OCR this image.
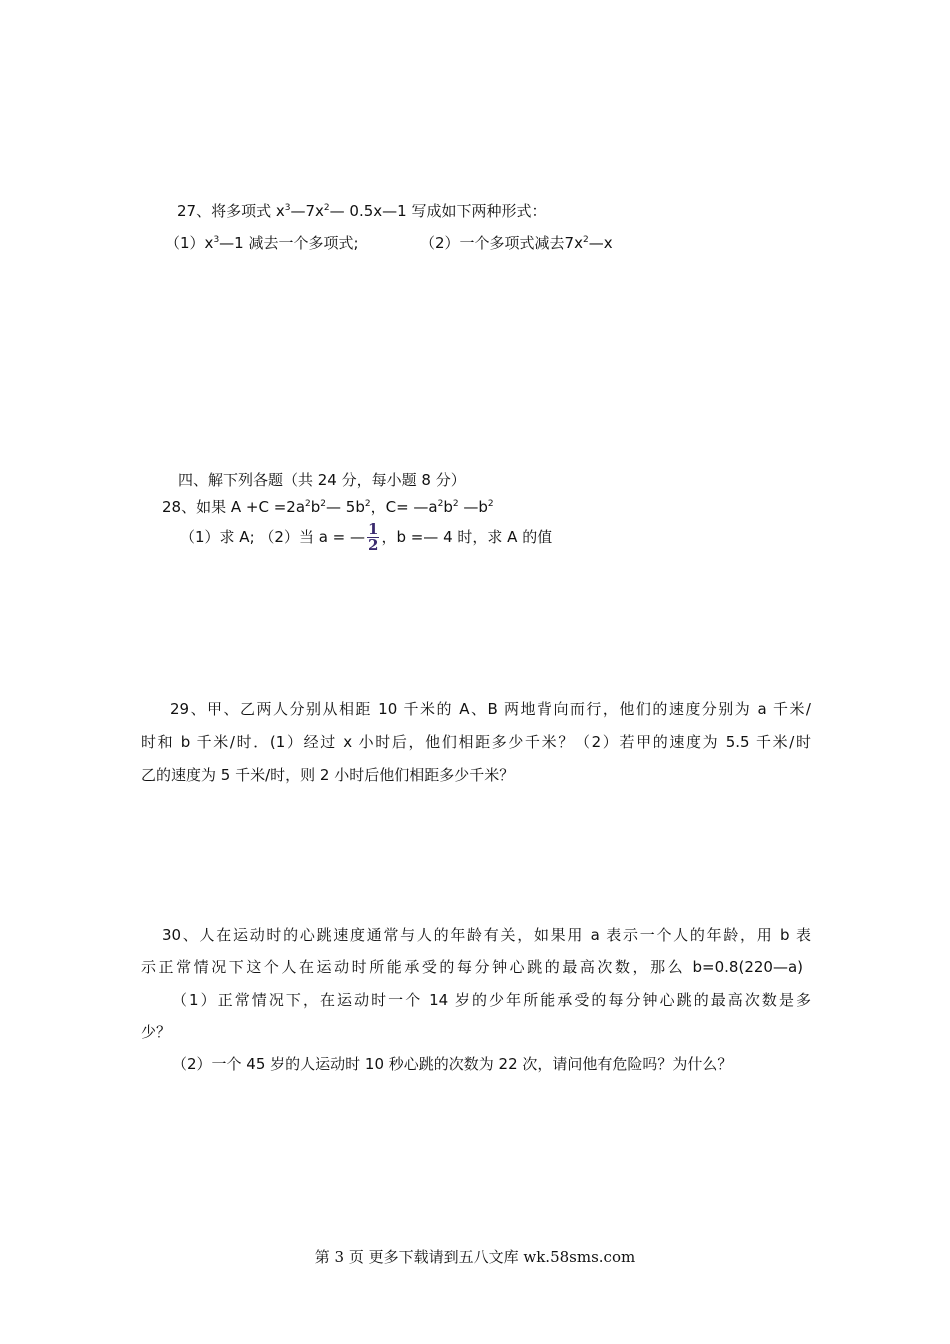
27、将多项式 $x^3—7x^2—$ 0.5x—1 写成如下两种形式：
$(1)x^3—1$ 减去一个多项式;	（2）一个多项式减去$7x^2—x$
四、解下列各题（共 24 分，每小题 8 分）
28、如果 $A +C =2a^2b^2—$ $5b^2$，$C= —a^2b^2$ $—b^2$
（1）求 A; （2）当 a = — $\frac{1}{2}$ ，b =— 4 时，求 A 的值
29、甲、乙两人分别从相距 10 千米的 A、B 两地背向而行，他们的速度分别为 a 千米/
时和 b 千米/时．(1）经过 x 小时后，他们相距多少千米？（2）若甲的速度为 5.5 千米/时
乙的速度为 5 千米/时，则 2 小时后他们相距多少千米？
30、人在运动时的心跳速度通常与人的年龄有关，如果用 a 表示一个人的年龄，用 b 表
示正常情况下这个人在运动时所能承受的每分钟心跳的最高次数，那么 b=0.8(220—a)
（1）正常情况下，在运动时一个 14 岁的少年所能承受的每分钟心跳的最高次数是多
少？
（2）一个 45 岁的人运动时 10 秒心跳的次数为 22 次，请问他有危险吗？为什么？
第 3 页 更多下载请到五八文库 wk.58sms.com
